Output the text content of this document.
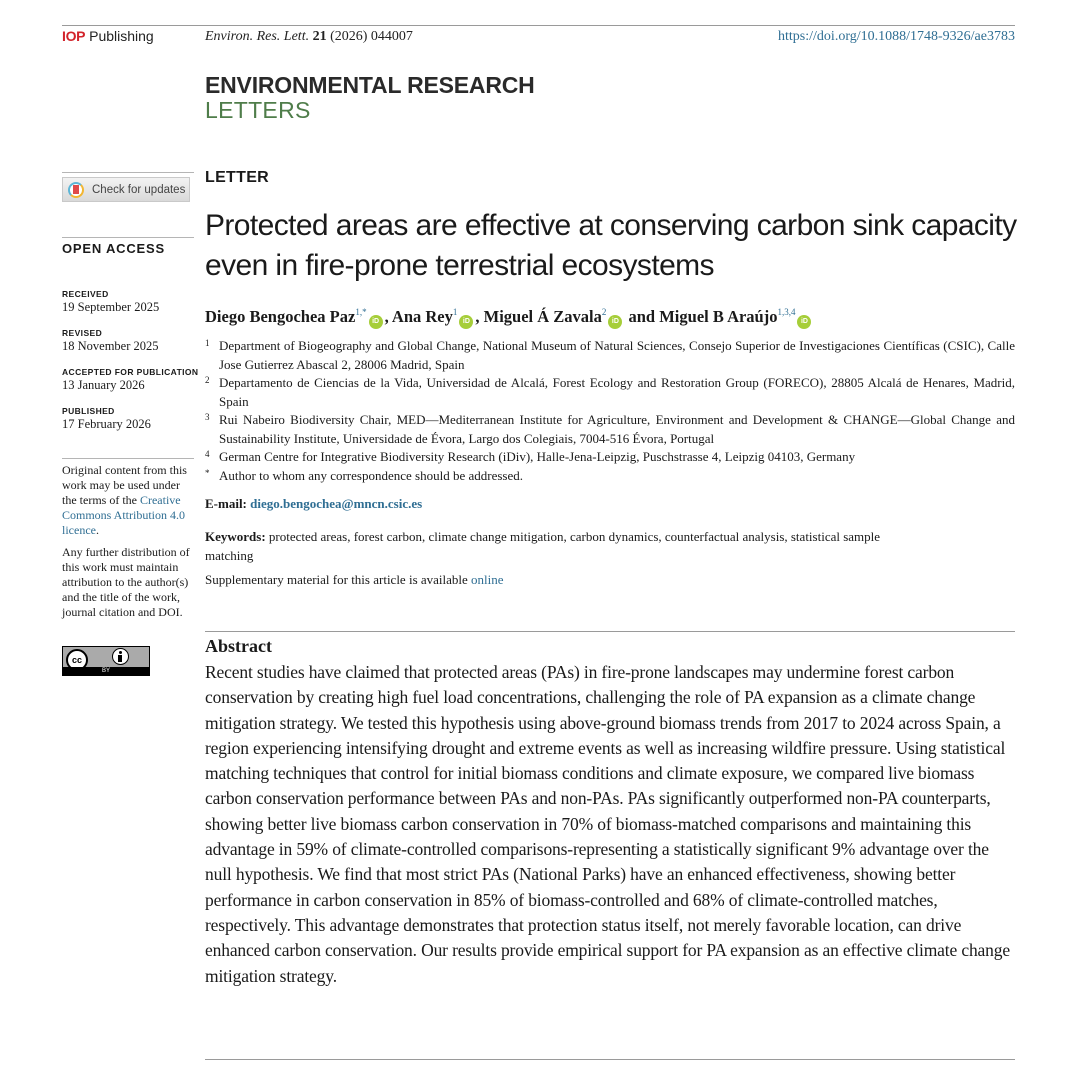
IOP Publishing	Environ. Res. Lett. 21 (2026) 044007	https://doi.org/10.1088/1748-9326/ae3783
ENVIRONMENTAL RESEARCH
LETTERS
Check for updates
OPEN ACCESS
RECEIVED
19 September 2025
REVISED
18 November 2025
ACCEPTED FOR PUBLICATION
13 January 2026
PUBLISHED
17 February 2026

Original content from this work may be used under the terms of the Creative Commons Attribution 4.0 licence.

Any further distribution of this work must maintain attribution to the author(s) and the title of the work, journal citation and DOI.

cc
BY
LETTER
Protected areas are effective at conserving carbon sink capacity even in fire-prone terrestrial ecosystems
Diego Bengochea Paz$^{1,*}$iD , Ana Rey$^1$iD , Miguel Á Zavala$^2$iD and Miguel B Araújo$^{1,3,4}$iD
1 Department of Biogeography and Global Change, National Museum of Natural Sciences, Consejo Superior de Investigaciones Científicas (CSIC), Calle Jose Gutierrez Abascal 2, 28006 Madrid, Spain
2 Departamento de Ciencias de la Vida, Universidad de Alcalá, Forest Ecology and Restoration Group (FORECO), 28805 Alcalá de Henares, Madrid, Spain
3 Rui Nabeiro Biodiversity Chair, MED—Mediterranean Institute for Agriculture, Environment and Development & CHANGE—Global Change and Sustainability Institute, Universidade de Évora, Largo dos Colegiais, 7004-516 Évora, Portugal
4 German Centre for Integrative Biodiversity Research (iDiv), Halle-Jena-Leipzig, Puschstrasse 4, Leipzig 04103, Germany
* Author to whom any correspondence should be addressed.
E-mail: diego.bengochea@mncn.csic.es
Keywords: protected areas, forest carbon, climate change mitigation, carbon dynamics, counterfactual analysis, statistical sample matching
Supplementary material for this article is available online
Abstract
Recent studies have claimed that protected areas (PAs) in fire-prone landscapes may undermine forest carbon conservation by creating high fuel load concentrations, challenging the role of PA expansion as a climate change mitigation strategy. We tested this hypothesis using above-ground biomass trends from 2017 to 2024 across Spain, a region experiencing intensifying drought and extreme events as well as increasing wildfire pressure. Using statistical matching techniques that control for initial biomass conditions and climate exposure, we compared live biomass carbon conservation performance between PAs and non-PAs. PAs significantly outperformed non-PA counterparts, showing better live biomass carbon conservation in 70% of biomass-matched comparisons and maintaining this advantage in 59% of climate-controlled comparisons-representing a statistically significant 9% advantage over the null hypothesis. We find that most strict PAs (National Parks) have an enhanced effectiveness, showing better performance in carbon conservation in 85% of biomass-controlled and 68% of climate-controlled matches, respectively. This advantage demonstrates that protection status itself, not merely favorable location, can drive enhanced carbon conservation. Our results provide empirical support for PA expansion as an effective climate change mitigation strategy.
